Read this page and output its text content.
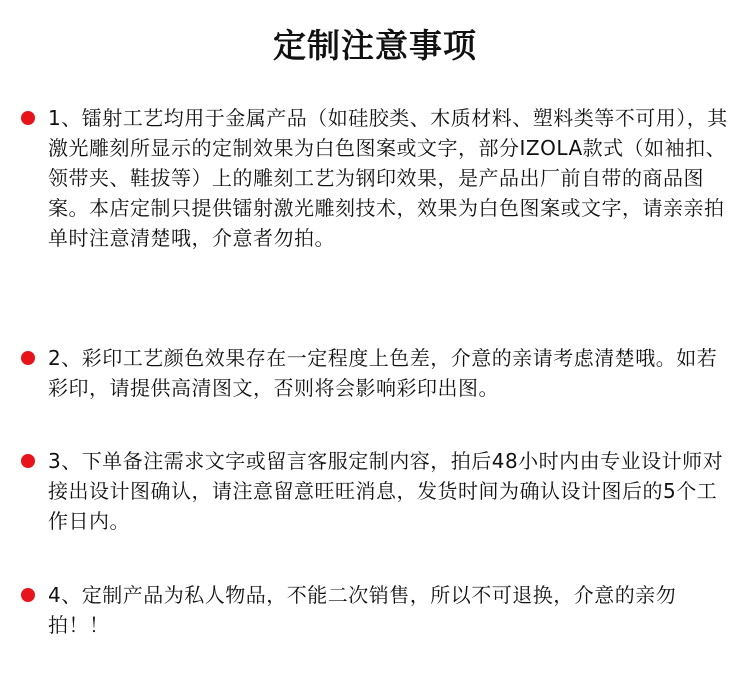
定制注意事项
1、镭射工艺均用于金属产品（如硅胶类、木质材料、塑料类等不可用），其激光雕刻所显示的定制效果为白色图案或文字，部分IZOLA款式（如袖扣、领带夹、鞋拔等）上的雕刻工艺为钢印效果，是产品出厂前自带的商品图案。本店定制只提供镭射激光雕刻技术，效果为白色图案或文字，请亲亲拍单时注意清楚哦，介意者勿拍。
2、彩印工艺颜色效果存在一定程度上色差，介意的亲请考虑清楚哦。如若彩印，请提供高清图文，否则将会影响彩印出图。
3、下单备注需求文字或留言客服定制内容，拍后48小时内由专业设计师对接出设计图确认，请注意留意旺旺消息，发货时间为确认设计图后的5个工作日内。
4、定制产品为私人物品，不能二次销售，所以不可退换，介意的亲勿拍！！
